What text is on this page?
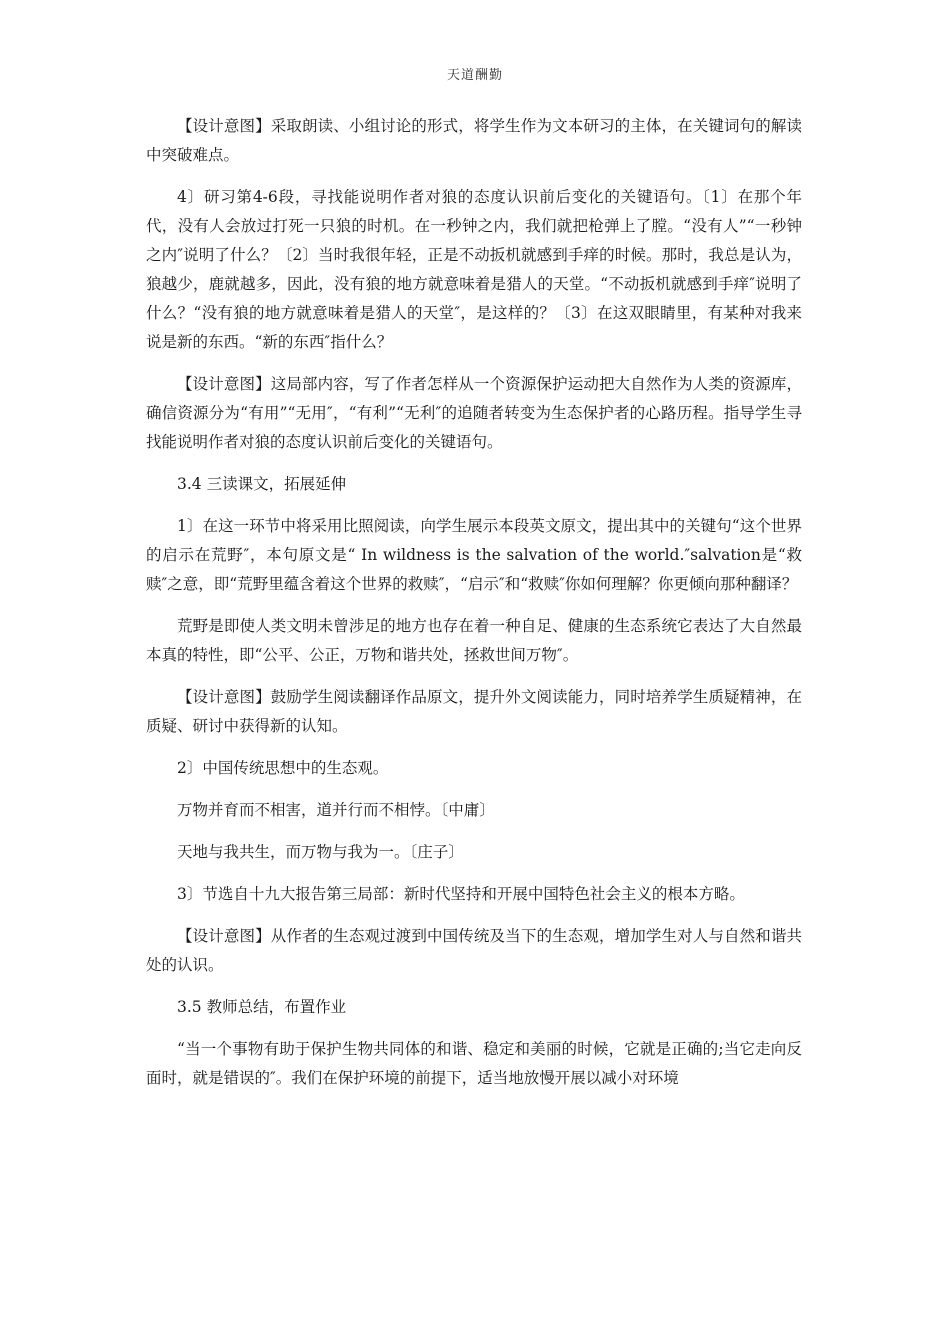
天道酬勤

【设计意图】采取朗读、小组讨论的形式，将学生作为文本研习的主体，在关键词句的解读中突破难点。

4〕研习第4-6段，寻找能说明作者对狼的态度认识前后变化的关键语句。〔1〕在那个年代，没有人会放过打死一只狼的时机。在一秒钟之内，我们就把枪弹上了膛。“没有人”“一秒钟之内″说明了什么？〔2〕当时我很年轻，正是不动扳机就感到手痒的时候。那时，我总是认为，狼越少，鹿就越多，因此，没有狼的地方就意味着是猎人的天堂。“不动扳机就感到手痒″说明了什么？“没有狼的地方就意味着是猎人的天堂″，是这样的？〔3〕在这双眼睛里，有某种对我来说是新的东西。“新的东西″指什么？

【设计意图】这局部内容，写了作者怎样从一个资源保护运动把大自然作为人类的资源库，确信资源分为“有用”“无用″，“有利”“无利″的追随者转变为生态保护者的心路历程。指导学生寻找能说明作者对狼的态度认识前后变化的关键语句。

3.4 三读课文，拓展延伸

1〕在这一环节中将采用比照阅读，向学生展示本段英文原文，提出其中的关键句“这个世界的启示在荒野″，本句原文是“ In wildness is the salvation of the world.″salvation是“救赎″之意，即“荒野里蕴含着这个世界的救赎″，“启示″和“救赎″你如何理解？你更倾向那种翻译？

荒野是即使人类文明未曾涉足的地方也存在着一种自足、健康的生态系统它表达了大自然最本真的特性，即“公平、公正，万物和谐共处，拯救世间万物″。

【设计意图】鼓励学生阅读翻译作品原文，提升外文阅读能力，同时培养学生质疑精神，在质疑、研讨中获得新的认知。

2〕中国传统思想中的生态观。

万物并育而不相害，道并行而不相悖。〔中庸〕

天地与我共生，而万物与我为一。〔庄子〕

3〕节选自十九大报告第三局部：新时代坚持和开展中国特色社会主义的根本方略。

【设计意图】从作者的生态观过渡到中国传统及当下的生态观，增加学生对人与自然和谐共处的认识。

3.5 教师总结，布置作业

“当一个事物有助于保护生物共同体的和谐、稳定和美丽的时候，它就是正确的;当它走向反面时，就是错误的″。我们在保护环境的前提下，适当地放慢开展以减小对环境
